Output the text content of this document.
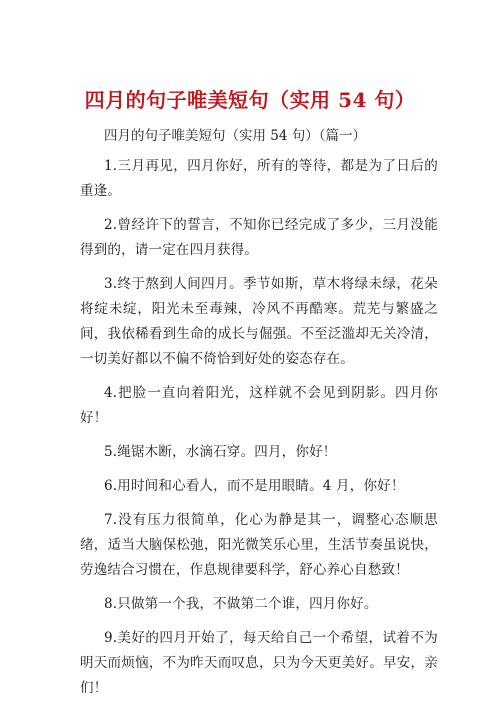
四月的句子唯美短句（实用 54 句）

四月的句子唯美短句（实用 54 句）（篇一）

1.三月再见，四月你好，所有的等待，都是为了日后的重逢。

2.曾经许下的誓言，不知你已经完成了多少，三月没能得到的，请一定在四月获得。

3.终于熬到人间四月。季节如斯，草木将绿未绿，花朵将绽未绽，阳光未至毒辣，冷风不再酷寒。荒芜与繁盛之间，我依稀看到生命的成长与倔强。不至泛滥却无关冷清，一切美好都以不偏不倚恰到好处的姿态存在。

4.把脸一直向着阳光，这样就不会见到阴影。四月你好！

5.绳锯木断，水滴石穿。四月，你好！

6.用时间和心看人，而不是用眼睛。4 月，你好！

7.没有压力很简单，化心为静是其一，调整心态顺思绪，适当大脑保松弛，阳光微笑乐心里，生活节奏虽说快，劳逸结合习惯在，作息规律要科学，舒心养心自愁致！

8.只做第一个我，不做第二个谁，四月你好。

9.美好的四月开始了，每天给自己一个希望，试着不为明天而烦恼，不为昨天而叹息，只为今天更美好。早安，亲们！
